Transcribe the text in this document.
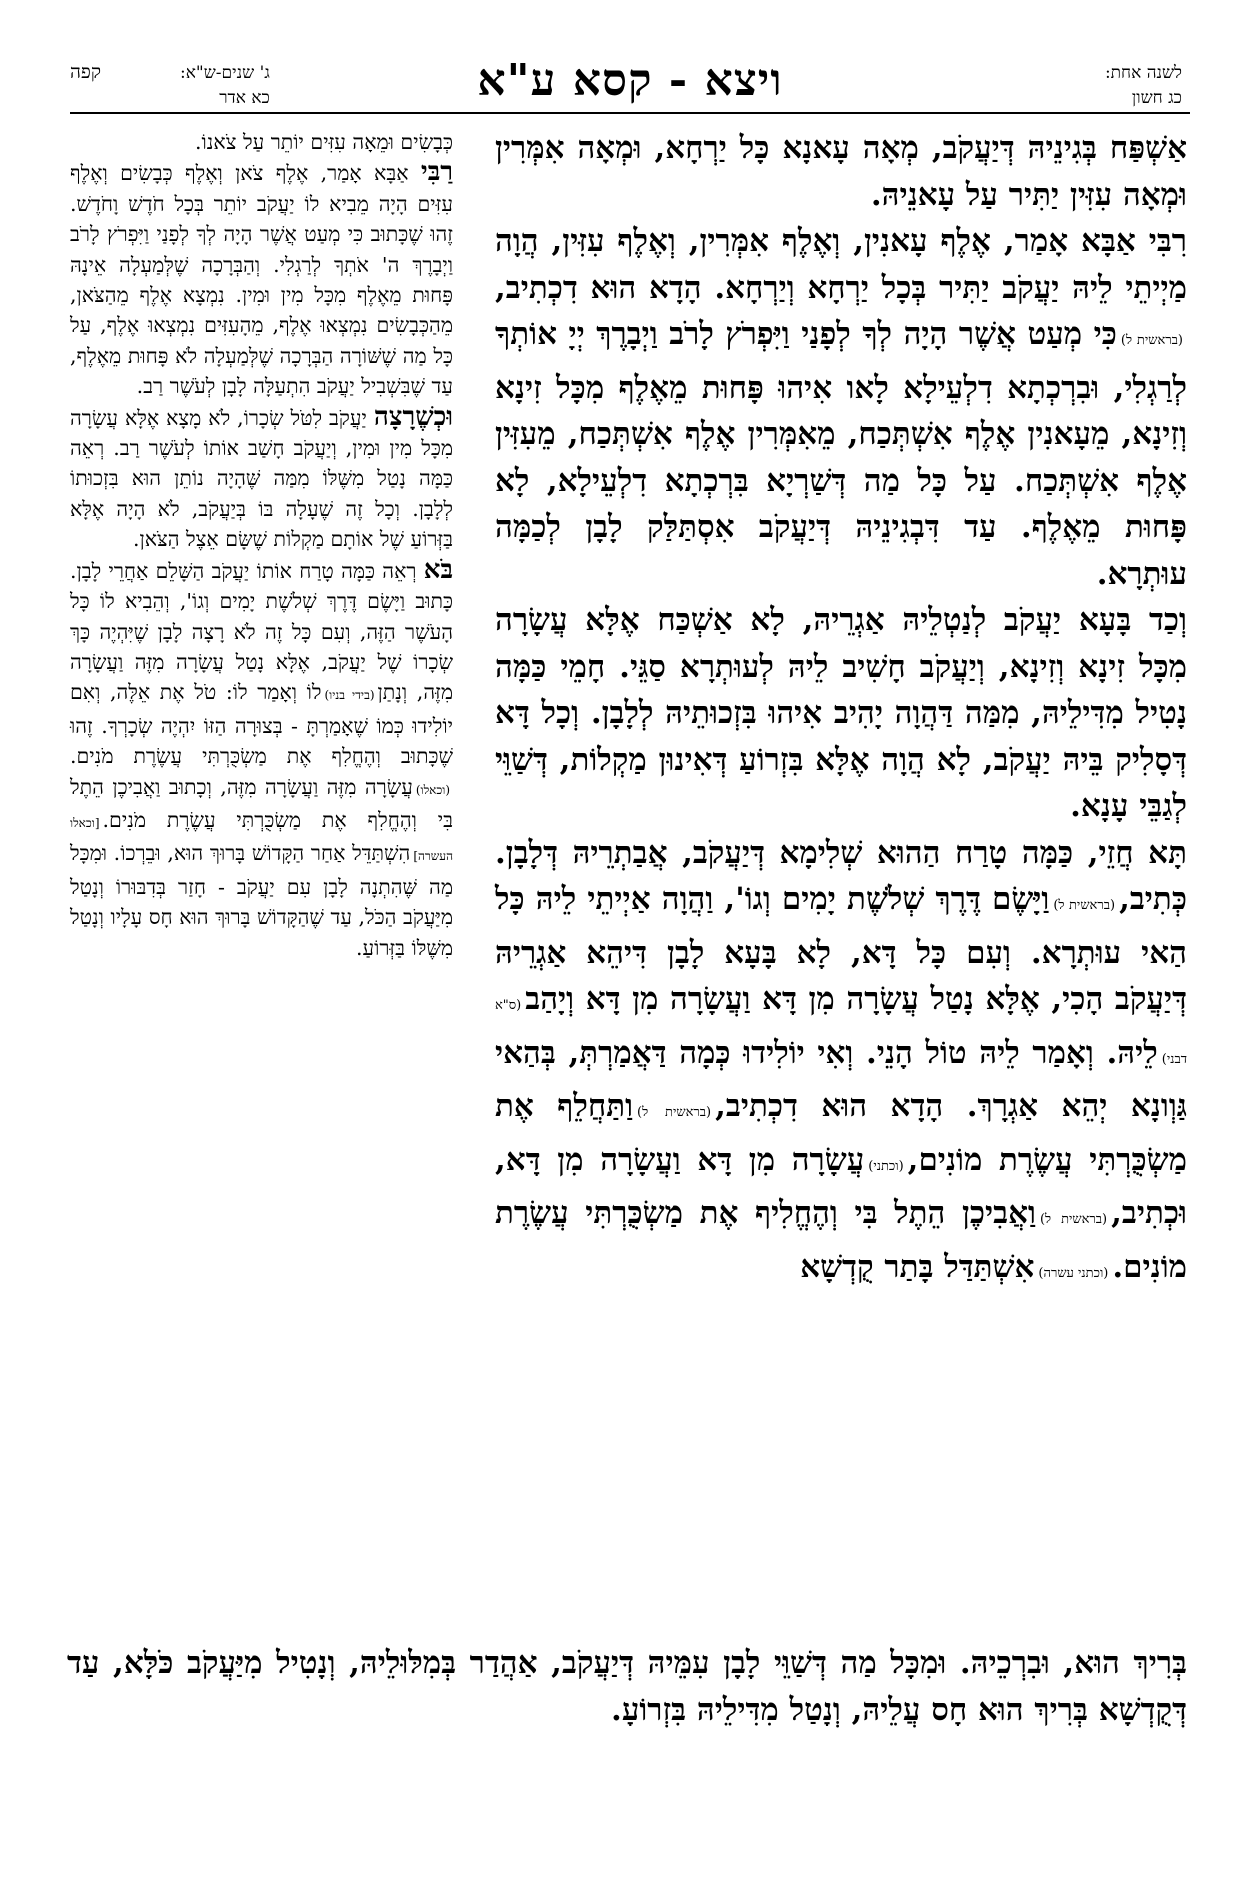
לשנה אחת:
כג חשון
ויצא - קסא ע"א
ג' שנים-ש"א:
כא אדר
קפה

אַשְׁפַּח בְּגִינֵיהּ דְּיַעֲקֹב, מְאָה עָאנָא כָּל יַרְחָא, וּמְאָה אִמְּרִין וּמְאָה עִזִּין יַתִּיר עַל עָאנֵיהּ.

רִבִּי אַבָּא אָמַר, אֶלֶף עָאנִין, וְאֶלֶף אִמְּרִין, וְאֶלֶף עִזִּין, הֲוָה מַיְיתֵי לֵיהּ יַעֲקֹב יַתִּיר בְּכָל יַרְחָא וְיַרְחָא. הָדָא הוּא דִכְתִיב,(בראשית ל)כִּי מְעַט אֲשֶׁר הָיָה לְךָ לְפָנַי וַיִּפְרֹץ לָרֹב וַיְבָרֶךְ יְיָ אוֹתְךָ לְרַגְלִי, וּבִרְכְתָא דִלְעֵילָא לָאו אִיהוּ פָּחוּת מֵאֶלֶף מִכָּל זִינָא וְזִינָא, מֵעָאנִין אֶלֶף אִשְׁתְּכַח, מֵאִמְּרִין אֶלֶף אִשְׁתְּכַח, מֵעִזִּין אֶלֶף אִשְׁתְּכַח. עַל כָּל מַה דְּשַׁרְיָא בִּרְכְתָא דִלְעֵילָא, לָא פָּחוּת מֵאֶלֶף. עַד דִּבְגִינֵיהּ דְּיַעֲקֹב אִסְתַּלַּק לָבָן לְכַמָּה עוּתְרָא.

וְכַד בָּעָא יַעֲקֹב לְנַטְלֵיהּ אַגְרֵיהּ, לָא אַשְׁכַּח אֶלָּא עֲשָׂרָה מִכָּל זִינָא וְזִינָא, וְיַעֲקֹב חָשִׁיב לֵיהּ לְעוּתְרָא סַגֵּי. חָמֵי כַּמָּה נָטִיל מִדִּילֵיהּ, מִמַּה דַּהֲוָה יָהִיב אִיהוּ בִּזְכוּתֵיהּ לְלָבָן. וְכָל דָּא דְּסָלִיק בֵּיהּ יַעֲקֹב, לָא הֲוָה אֶלָּא בִּזְרוֹעַ דְּאִינוּן מַקְלוֹת, דְּשַׁוֵּי לְגַבֵּי עָנָא.

תָּא חֲזֵי, כַּמָּה טָרַח הַהוּא שְׁלִימָא דְּיַעֲקֹב, אֲבַתְרֵיהּ דְּלָבָן. כְּתִיב,(בראשית ל)וַיָּשֶׂם דֶּרֶךְ שְׁלֹשֶׁת יָמִים וְגוֹ', וַהֲוָה אַיְיתֵי לֵיהּ כָּל הַאי עוּתְרָא. וְעִם כָּל דָּא, לָא בָּעָא לָבָן דִּיהֵא אַגְרֵיהּ דְּיַעֲקֹב הָכִי, אֶלָּא נָטַל עֲשָׂרָה מִן דָּא וַעֲשָׂרָה מִן דָּא וְיָהַב(ס"א דבני)לֵיהּ. וְאָמַר לֵיהּ טוֹל הָנֵי. וְאִי יוֹלִידוּ כְּמָה דַּאֲמַרְתְּ, בְּהַאי גַּוְונָא יְהֵא אַגְרָךְ. הָדָא הוּא דִכְתִיב,(בראשית ל)וַתַּחֲלֵף אֶת מַשְׂכֻּרְתִּי עֲשֶׂרֶת מוֹנִים,(וכתני)עֲשָׂרָה מִן דָּא וַעֲשָׂרָה מִן דָּא, וּכְתִיב,(בראשית ל)וַאֲבִיכֶן הֵתֶל בִּי וְהֶחֱלִיף אֶת מַשְׂכֻּרְתִּי עֲשֶׂרֶת מוֹנִים.(וכתני עשרה)אִשְׁתַּדַּל בָּתַר קֻדְשָׁא

כְּבָשִׂים וּמֵאָה עִזִּים יוֹתֵר עַל צֹאנוֹ.

רַבִּי אַבָּא אָמַר, אֶלֶף צֹאן וְאֶלֶף כְּבָשִׂים וְאֶלֶף עִזִּים הָיָה מֵבִיא לוֹ יַעֲקֹב יוֹתֵר בְּכָל חֹדֶשׁ וָחֹדֶשׁ. זֶהוּ שֶׁכָּתוּב כִּי מְעַט אֲשֶׁר הָיָה לְךָ לְפָנַי וַיִּפְרֹץ לָרֹב וַיְבָרֶךְ ה' אֹתְךָ לְרַגְלִי. וְהַבְּרָכָה שֶׁלְּמַעְלָה אֵינָהּ פָּחוּת מֵאֶלֶף מִכָּל מִין וּמִין. נִמְצָא אֶלֶף מֵהַצֹּאן, מֵהַכְּבָשִׂים נִמְצְאוּ אֶלֶף, מֵהָעִזִּים נִמְצְאוּ אֶלֶף, עַל כָּל מַה שֶׁשּׁוֹרָה הַבְּרָכָה שֶׁלְּמַעְלָה לֹא פָּחוּת מֵאֶלֶף, עַד שֶׁבִּשְׁבִיל יַעֲקֹב הִתְעַלָּה לָבָן לְעֹשֶׁר רַב.

וּכְשֶׁרָצָה יַעֲקֹב לִטֹּל שְׂכָרוֹ, לֹא מָצָא אֶלָּא עֲשָׂרָה מִכָּל מִין וּמִין, וְיַעֲקֹב חָשַׁב אוֹתוֹ לְעֹשֶׁר רַב. רְאֵה כַּמָּה נָטַל מִשֶּׁלּוֹ מִמַּה שֶּׁהָיָה נוֹתֵן הוּא בִּזְכוּתוֹ לְלָבָן. וְכָל זֶה שֶׁעָלָה בּוֹ בְּיַעֲקֹב, לֹא הָיָה אֶלָּא בַּזְּרוֹעַ שֶׁל אוֹתָם מַקְלוֹת שֶׁשָּׂם אֵצֶל הַצֹּאן.

בֹּא רְאֵה כַּמָּה טָרַח אוֹתוֹ יַעֲקֹב הַשָּׁלֵם אַחֲרֵי לָבָן. כָּתוּב וַיָּשֶׂם דֶּרֶךְ שְׁלֹשֶׁת יָמִים וְגוֹ', וְהֵבִיא לוֹ כָּל הָעֹשֶׁר הַזֶּה, וְעִם כָּל זֶה לֹא רָצָה לָבָן שֶׁיִּהְיֶה כָּךְ שְׂכָרוֹ שֶׁל יַעֲקֹב, אֶלָּא נָטַל עֲשָׂרָה מִזֶּה וַעֲשָׂרָה מִזֶּה, וְנָתַן(בידי בניו)לוֹ וְאָמַר לוֹ: טֹל אֶת אֵלֶּה, וְאִם יוֹלִידוּ כְּמוֹ שֶׁאָמַרְתָּ - בְּצוּרָה הַזּוֹ יִהְיֶה שְׂכָרְךָ. זֶהוּ שֶׁכָּתוּב וְהֶחֱלִף אֶת מַשְׂכֻּרְתִּי עֲשֶׂרֶת מֹנִים.(וכאלו)עֲשָׂרָה מִזֶּה וַעֲשָׂרָה מִזֶּה, וְכָתוּב וַאֲבִיכֶן הֵתֶל בִּי וְהֶחֱלִף אֶת מַשְׂכֻּרְתִּי עֲשֶׂרֶת מֹנִים.[וכאלו העשרה]הִשְׁתַּדֵּל אַחַר הַקָּדוֹשׁ בָּרוּךְ הוּא, וּבֵרְכוֹ. וּמִכָּל מַה שֶּׁהִתְנָה לָבָן עִם יַעֲקֹב - חָזַר בְּדִבּוּרוֹ וְנָטַל מִיַּעֲקֹב הַכֹּל, עַד שֶׁהַקָּדוֹשׁ בָּרוּךְ הוּא חָס עָלָיו וְנָטַל מִשֶּׁלּוֹ בַּזְּרוֹעַ.

בְּרִיךְ הוּא, וּבִרְכֵיהּ. וּמִכָּל מַה דְּשַׁוֵּי לָבָן עִמֵּיהּ דְּיַעֲקֹב, אַהֲדַר בְּמִלּוּלֵיהּ, וְנָטִיל מִיַּעֲקֹב כֹּלָּא, עַד דְּקֻדְשָׁא בְּרִיךְ הוּא חָס עֲלֵיהּ, וְנָטַל מִדִּילֵיהּ בִּזְרוֹעָ.
